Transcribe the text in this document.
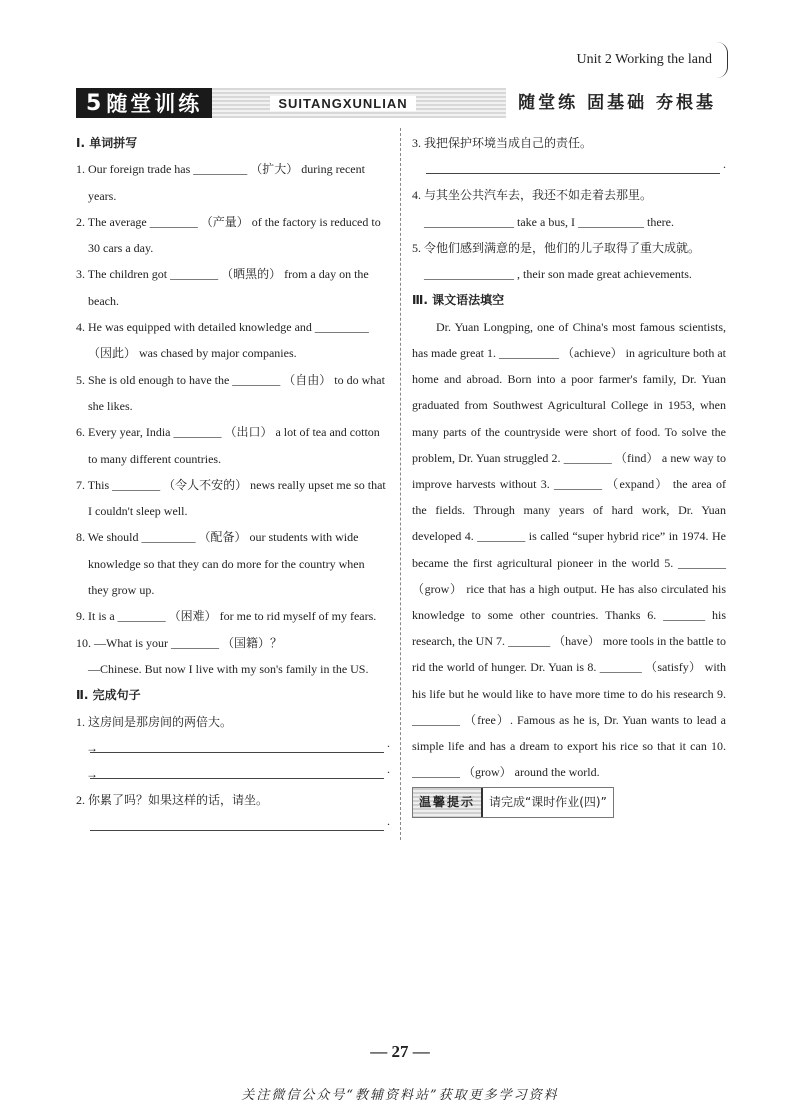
Unit 2 Working the land
5 随堂训练	SUITANGXUNLIAN	随堂练 固基础 夯根基
Ⅰ. 单词拼写
1. Our foreign trade has _________ （扩大） during recent
years.
2. The average ________ （产量） of the factory is reduced to
30 cars a day.
3. The children got ________ （晒黑的） from a day on the
beach.
4. He was equipped with detailed knowledge and _________
（因此） was chased by major companies.
5. She is old enough to have the ________ （自由） to do what
she likes.
6. Every year, India ________ （出口） a lot of tea and cotton
to many different countries.
7. This ________ （令人不安的） news really upset me so that
I couldn't sleep well.
8. We should _________ （配备） our students with wide
knowledge so that they can do more for the country when
they grow up.
9. It is a ________ （困难） for me to rid myself of my fears.
10. —What is your ________ （国籍）？
—Chinese. But now I live with my son's family in the US.
Ⅱ. 完成句子
1. 这房间是那房间的两倍大。
→	.
→	.
2. 你累了吗？如果这样的话，请坐。
.
3. 我把保护环境当成自己的责任。
.
4. 与其坐公共汽车去，我还不如走着去那里。
_______________ take a bus, I ___________ there.
5. 令他们感到满意的是，他们的儿子取得了重大成就。
_______________ , their son made great achievements.
Ⅲ. 课文语法填空
Dr. Yuan Longping, one of China's most famous scientists, has made great 1. __________ （achieve） in agriculture both at home and abroad. Born into a poor farmer's family, Dr. Yuan graduated from Southwest Agricultural College in 1953, when many parts of the countryside were short of food. To solve the problem, Dr. Yuan struggled 2. ________ （find） a new way to improve harvests without 3. ________ （expand） the area of the fields. Through many years of hard work, Dr. Yuan developed 4. ________ is called “super hybrid rice” in 1974. He became the first agricultural pioneer in the world 5. ________ （grow） rice that has a high output. He has also circulated his knowledge to some other countries. Thanks 6. _______ his research, the UN 7. _______ （have） more tools in the battle to rid the world of hunger. Dr. Yuan is 8. _______ （satisfy） with his life but he would like to have more time to do his research 9. ________ （free）. Famous as he is, Dr. Yuan wants to lead a simple life and has a dream to export his rice so that it can 10. ________ （grow） around the world.
温馨提示	请完成“课时作业(四)”
— 27 —
关注微信公众号“教辅资料站”获取更多学习资料
